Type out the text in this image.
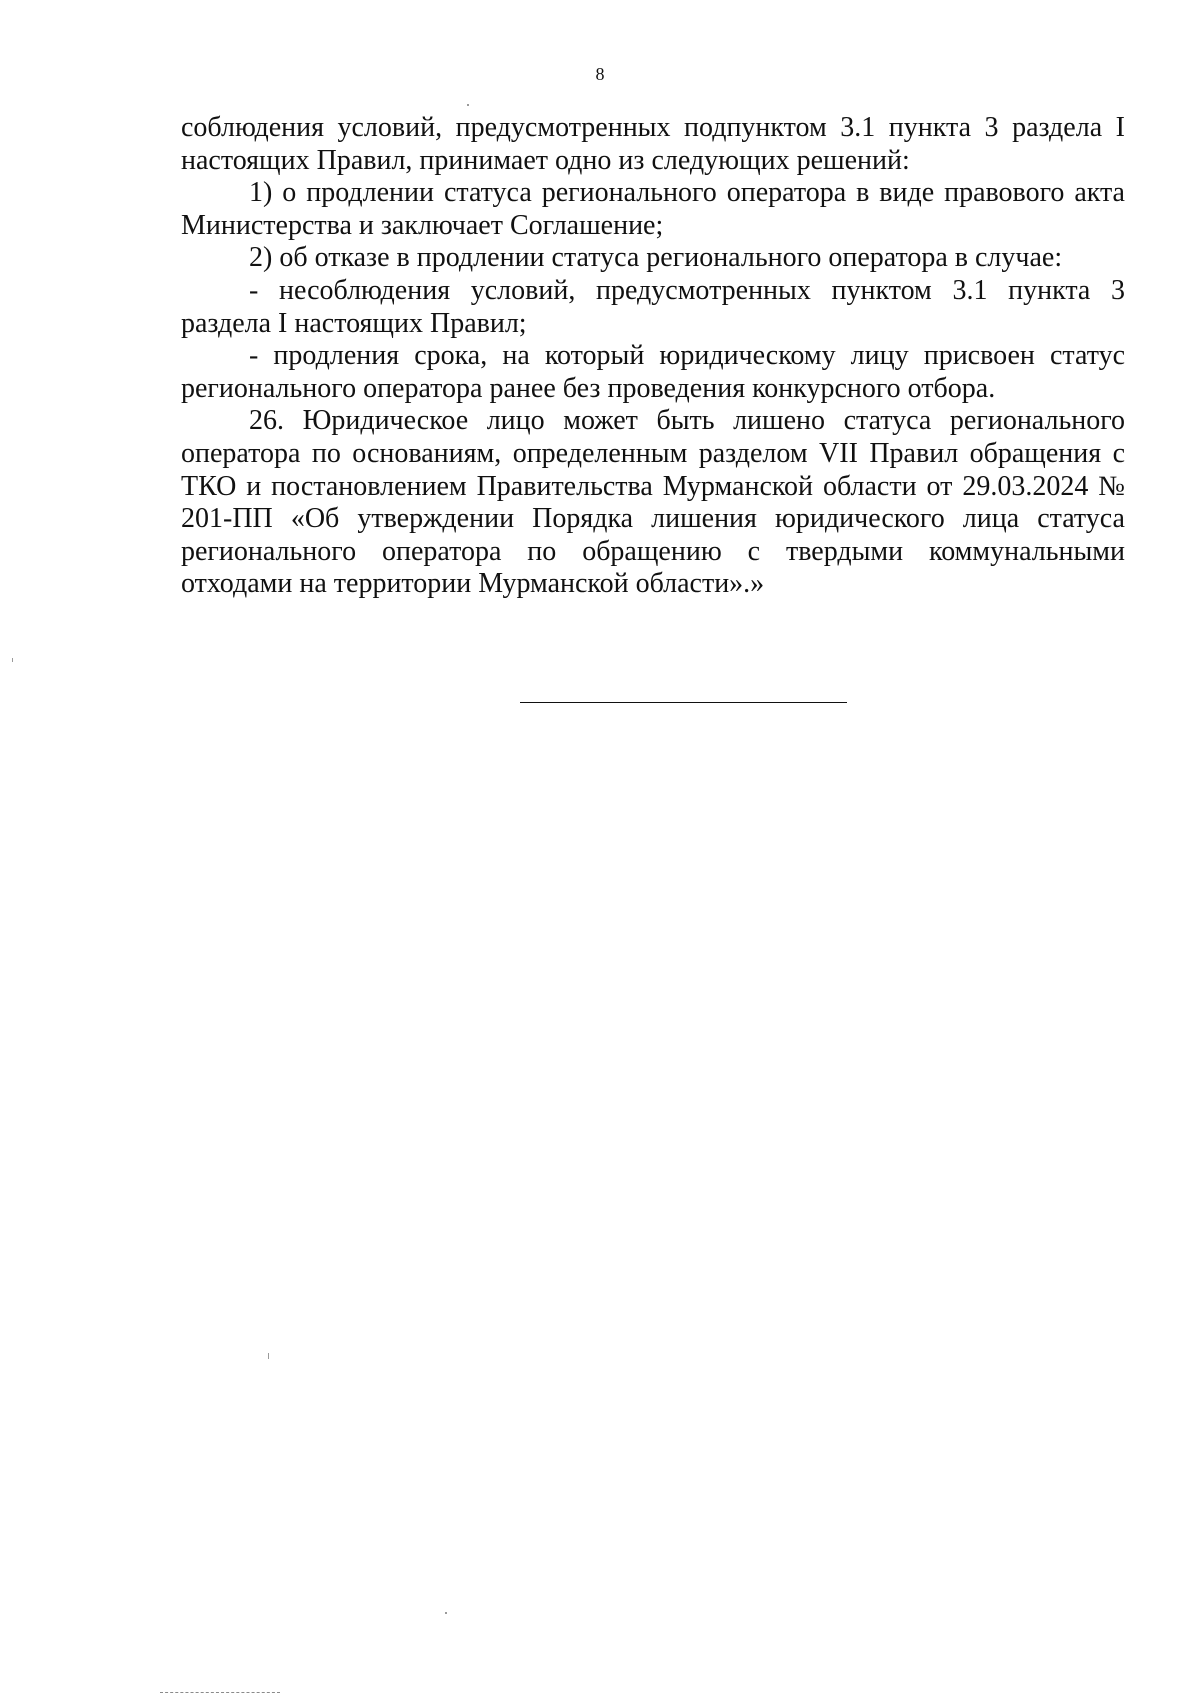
8

соблюдения условий, предусмотренных подпунктом 3.1 пункта 3 раздела I настоящих Правил, принимает одно из следующих решений:

1) о продлении статуса регионального оператора в виде правового акта Министерства и заключает Соглашение;

2) об отказе в продлении статуса регионального оператора в случае:

- несоблюдения условий, предусмотренных пунктом 3.1 пункта 3 раздела I настоящих Правил;

- продления срока, на который юридическому лицу присвоен статус регионального оператора ранее без проведения конкурсного отбора.

26. Юридическое лицо может быть лишено статуса регионального оператора по основаниям, определенным разделом VII Правил обращения с ТКО и постановлением Правительства Мурманской области от 29.03.2024 № 201-ПП «Об утверждении Порядка лишения юридического лица статуса регионального оператора по обращению с твердыми коммунальными отходами на территории Мурманской области».»
